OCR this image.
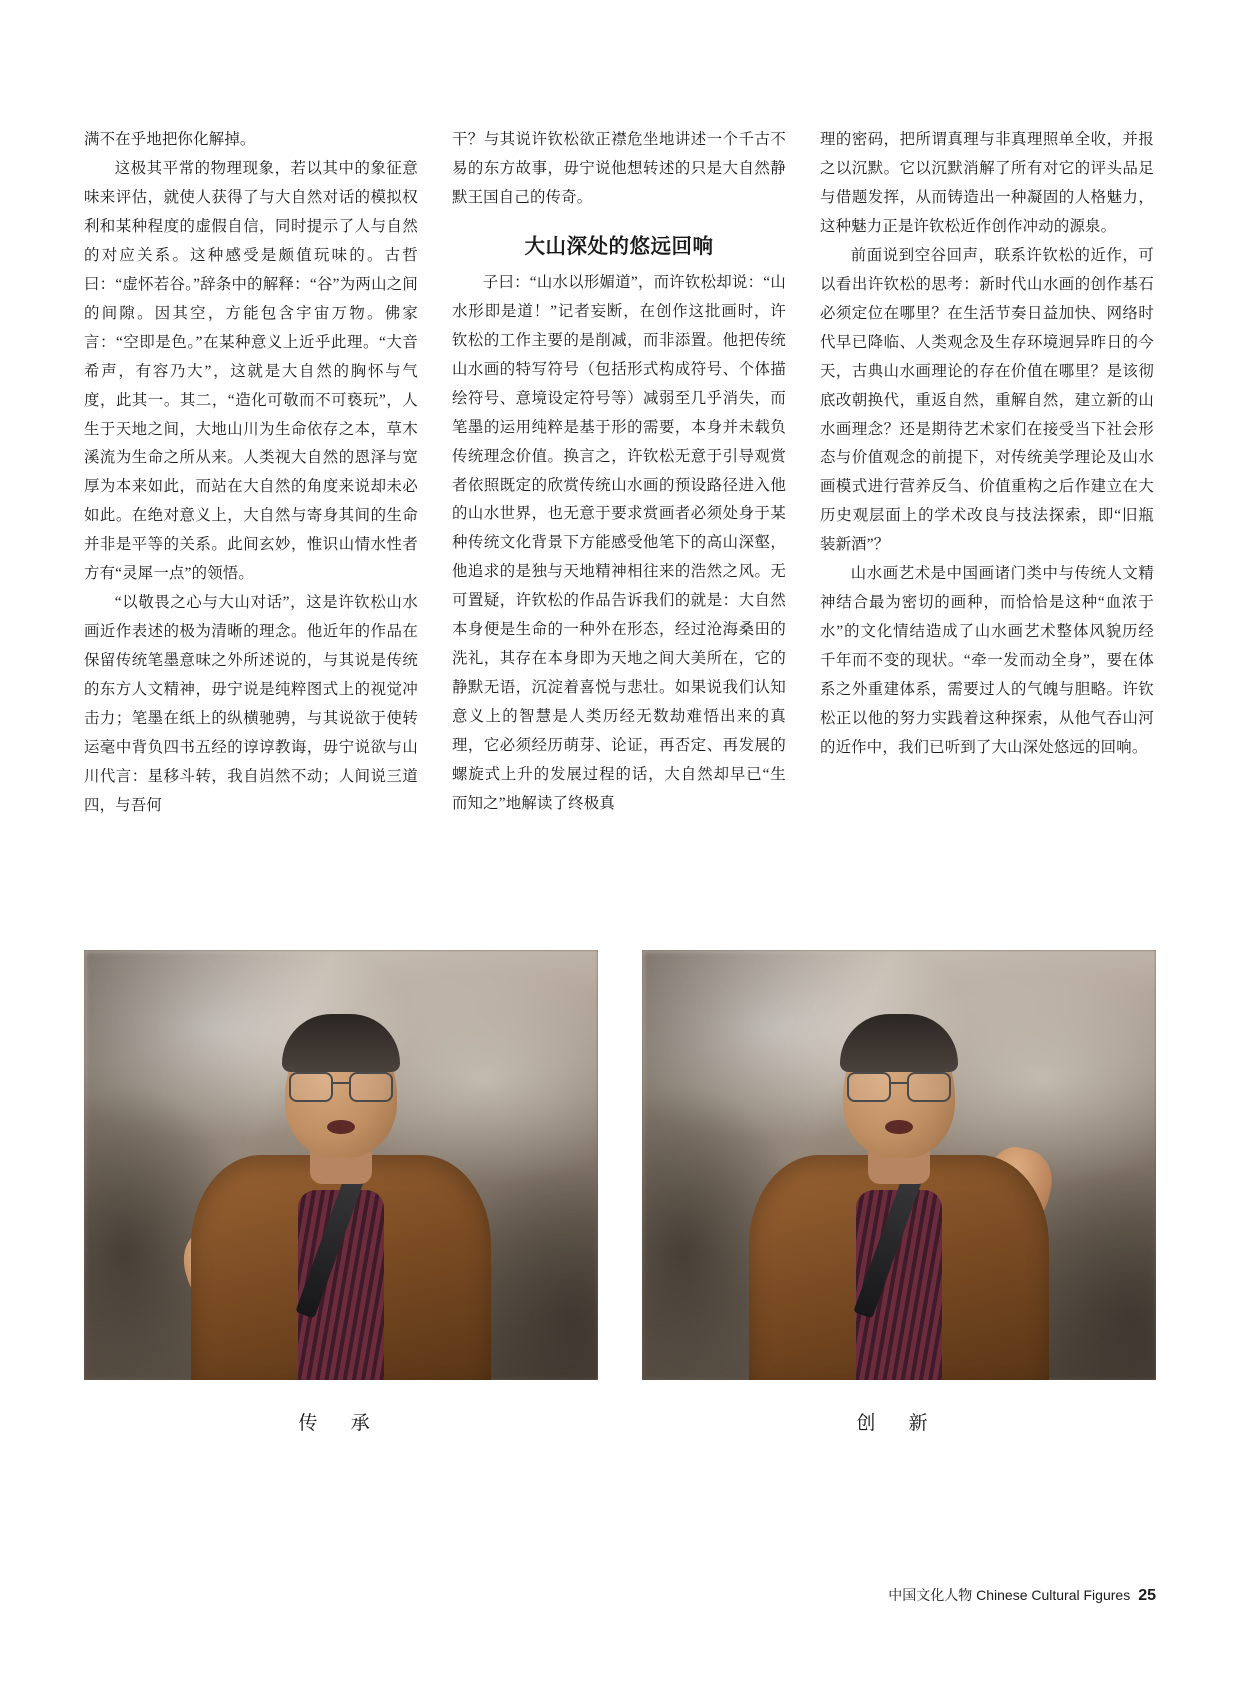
满不在乎地把你化解掉。

这极其平常的物理现象，若以其中的象征意味来评估，就使人获得了与大自然对话的模拟权利和某种程度的虚假自信，同时提示了人与自然的对应关系。这种感受是颇值玩味的。古哲曰：“虚怀若谷。”辞条中的解释：“谷”为两山之间的间隙。因其空，方能包含宇宙万物。佛家言：“空即是色。”在某种意义上近乎此理。“大音希声，有容乃大”，这就是大自然的胸怀与气度，此其一。其二，“造化可敬而不可亵玩”，人生于天地之间，大地山川为生命依存之本，草木溪流为生命之所从来。人类视大自然的恩泽与宽厚为本来如此，而站在大自然的角度来说却未必如此。在绝对意义上，大自然与寄身其间的生命并非是平等的关系。此间玄妙，惟识山情水性者方有“灵犀一点”的领悟。

“以敬畏之心与大山对话”，这是许钦松山水画近作表述的极为清晰的理念。他近年的作品在保留传统笔墨意味之外所述说的，与其说是传统的东方人文精神，毋宁说是纯粹图式上的视觉冲击力；笔墨在纸上的纵横驰骋，与其说欲于使转运毫中背负四书五经的谆谆教诲，毋宁说欲与山川代言：星移斗转，我自岿然不动；人间说三道四，与吾何

干？与其说许钦松欲正襟危坐地讲述一个千古不易的东方故事，毋宁说他想转述的只是大自然静默王国自己的传奇。

大山深处的悠远回响

子曰：“山水以形媚道”，而许钦松却说：“山水形即是道！”记者妄断，在创作这批画时，许钦松的工作主要的是削减，而非添置。他把传统山水画的特写符号（包括形式构成符号、个体描绘符号、意境设定符号等）减弱至几乎消失，而笔墨的运用纯粹是基于形的需要，本身并未载负传统理念价值。换言之，许钦松无意于引导观赏者依照既定的欣赏传统山水画的预设路径进入他的山水世界，也无意于要求赏画者必须处身于某种传统文化背景下方能感受他笔下的高山深壑，他追求的是独与天地精神相往来的浩然之风。无可置疑，许钦松的作品告诉我们的就是：大自然本身便是生命的一种外在形态，经过沧海桑田的洗礼，其存在本身即为天地之间大美所在，它的静默无语，沉淀着喜悦与悲壮。如果说我们认知意义上的智慧是人类历经无数劫难悟出来的真理，它必须经历萌芽、论证，再否定、再发展的螺旋式上升的发展过程的话，大自然却早已“生而知之”地解读了终极真

理的密码，把所谓真理与非真理照单全收，并报之以沉默。它以沉默消解了所有对它的评头品足与借题发挥，从而铸造出一种凝固的人格魅力，这种魅力正是许钦松近作创作冲动的源泉。

前面说到空谷回声，联系许钦松的近作，可以看出许钦松的思考：新时代山水画的创作基石必须定位在哪里？在生活节奏日益加快、网络时代早已降临、人类观念及生存环境迥异昨日的今天，古典山水画理论的存在价值在哪里？是该彻底改朝换代，重返自然，重解自然，建立新的山水画理念？还是期待艺术家们在接受当下社会形态与价值观念的前提下，对传统美学理论及山水画模式进行营养反刍、价值重构之后作建立在大历史观层面上的学术改良与技法探索，即“旧瓶装新酒”？

山水画艺术是中国画诸门类中与传统人文精神结合最为密切的画种，而恰恰是这种“血浓于水”的文化情结造成了山水画艺术整体风貌历经千年而不变的现状。“牵一发而动全身”，要在体系之外重建体系，需要过人的气魄与胆略。许钦松正以他的努力实践着这种探索，从他气吞山河的近作中，我们已听到了大山深处悠远的回响。

传 承	创 新
中国文化人物 Chinese Cultural Figures 25
